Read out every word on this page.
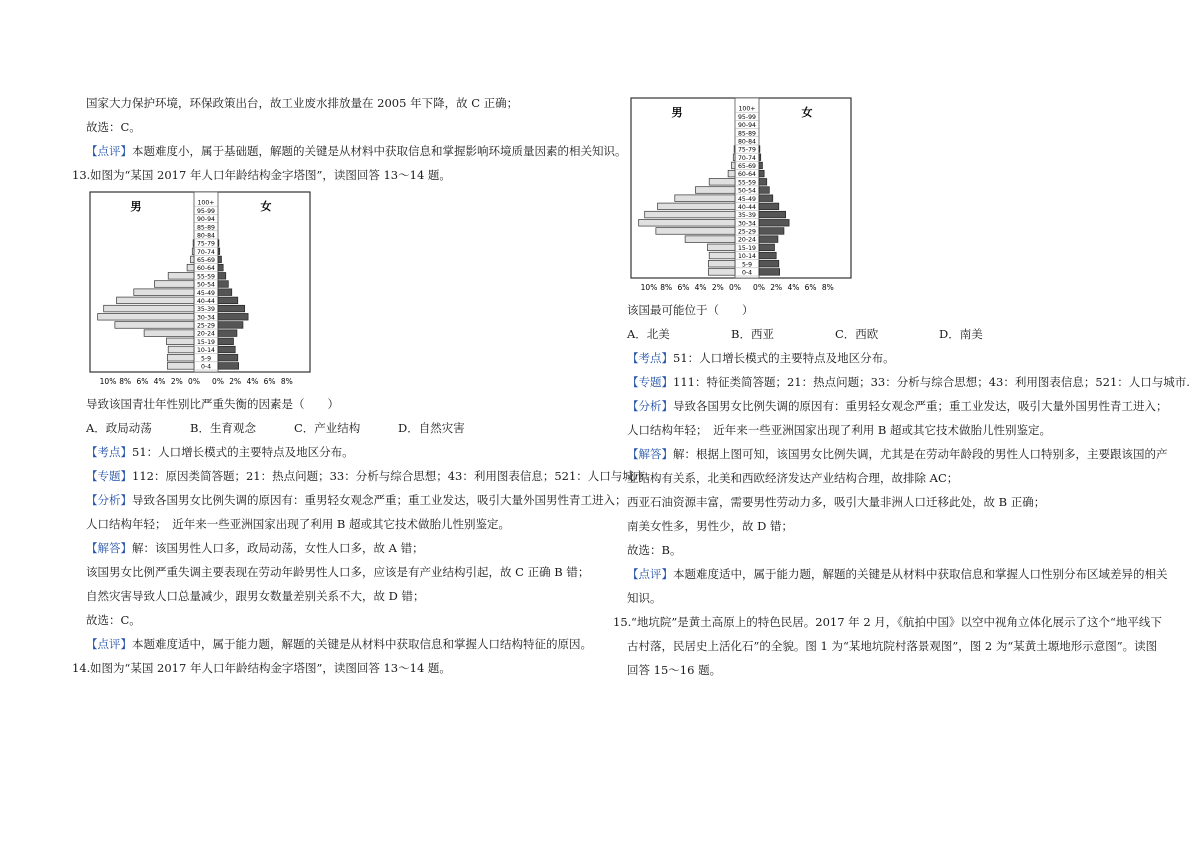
国家大力保护环境，环保政策出台，故工业废水排放量在 2005 年下降，故 C 正确；
故选：C。
【点评】本题难度小，属于基础题，解题的关键是从材料中获取信息和掌握影响环境质量因素的相关知识。
13. 如图为“某国 2017 年人口年龄结构金字塔图”，读图回答 13～14 题。
男	女
100+
95-99
90-94
85-89
80-84
75-79
70-74
65-69
60-64
55-59
50-54
45-49
40-44
35-39
30-34
25-29
20-24
15-19
10-14
5-9
0-4
10% 8% 6% 4% 2% 0% 0% 2% 4% 6% 8%
导致该国青壮年性别比严重失衡的因素是（　　）
A．政局动荡	B．生育观念	C．产业结构	D．自然灾害
【考点】51：人口增长模式的主要特点及地区分布。
【专题】112：原因类简答题；21：热点问题；33：分析与综合思想；43：利用图表信息；521：人口与城市.
【分析】导致各国男女比例失调的原因有：重男轻女观念严重；重工业发达，吸引大量外国男性青工进入；
人口结构年轻；　近年来一些亚洲国家出现了利用 B 超或其它技术做胎儿性别鉴定。
【解答】解：该国男性人口多，政局动荡，女性人口多，故 A 错；
该国男女比例严重失调主要表现在劳动年龄男性人口多，应该是有产业结构引起，故 C 正确 B 错；
自然灾害导致人口总量减少，跟男女数量差别关系不大，故 D 错；
故选：C。
【点评】本题难度适中，属于能力题，解题的关键是从材料中获取信息和掌握人口结构特征的原因。
14. 如图为“某国 2017 年人口年龄结构金字塔图”，读图回答 13～14 题。
男	女
100+
95-99
90-94
85-89
80-84
75-79
70-74
65-69
60-64
55-59
50-54
45-49
40-44
35-39
30-34
25-29
20-24
15-19
10-14
5-9
0-4
10% 8% 6% 4% 2% 0% 0% 2% 4% 6% 8%
该国最可能位于（　　）
A．北美	B．西亚	C．西欧	D．南美
【考点】51：人口增长模式的主要特点及地区分布。
【专题】111：特征类简答题；21：热点问题；33：分析与综合思想；43：利用图表信息；521：人口与城市.
【分析】导致各国男女比例失调的原因有：重男轻女观念严重；重工业发达，吸引大量外国男性青工进入；
人口结构年轻；　近年来一些亚洲国家出现了利用 B 超或其它技术做胎儿性别鉴定。
【解答】解：根据上图可知，该国男女比例失调，尤其是在劳动年龄段的男性人口特别多，主要跟该国的产
业结构有关系，北美和西欧经济发达产业结构合理，故排除 AC；
西亚石油资源丰富，需要男性劳动力多，吸引大量非洲人口迁移此处，故 B 正确；
南美女性多，男性少，故 D 错；
故选：B。
【点评】本题难度适中，属于能力题，解题的关键是从材料中获取信息和掌握人口性别分布区域差异的相关
知识。
15. “地坑院”是黄土高原上的特色民居。2017 年 2 月，《航拍中国》以空中视角立体化展示了这个“地平线下
古村落，民居史上活化石”的全貌。图 1 为“某地坑院村落景观图”，图 2 为“某黄土塬地形示意图”。读图
回答 15～16 题。
